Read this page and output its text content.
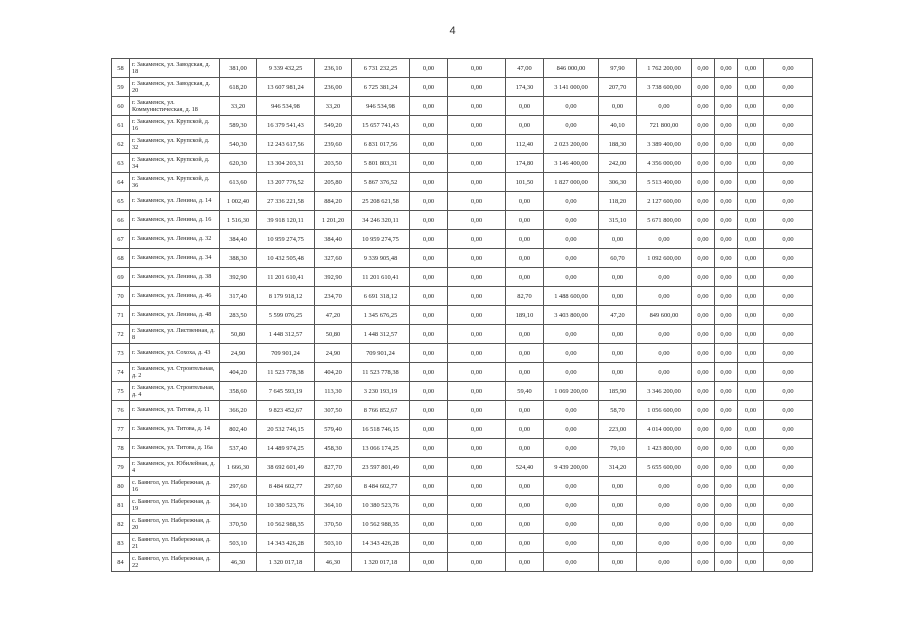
4
58	г. Закаменск, ул. Заводская, д. 18	381,00	9 339 432,25	236,10	6 731 232,25	0,00	0,00	47,00	846 000,00	97,90	1 762 200,00	0,00	0,00	0,00	0,00
59	г. Закаменск, ул. Заводская, д. 20	618,20	13 607 981,24	236,00	6 725 381,24	0,00	0,00	174,30	3 141 000,00	207,70	3 738 600,00	0,00	0,00	0,00	0,00
60	г. Закаменск, ул. Коммунистическая, д. 18	33,20	946 534,98	33,20	946 534,98	0,00	0,00	0,00	0,00	0,00	0,00	0,00	0,00	0,00	0,00
61	г. Закаменск, ул. Крупской, д. 16	589,30	16 379 541,43	549,20	15 657 741,43	0,00	0,00	0,00	0,00	40,10	721 800,00	0,00	0,00	0,00	0,00
62	г. Закаменск, ул. Крупской, д. 32	540,30	12 243 617,56	239,60	6 831 017,56	0,00	0,00	112,40	2 023 200,00	188,30	3 389 400,00	0,00	0,00	0,00	0,00
63	г. Закаменск, ул. Крупской, д. 34	620,30	13 304 203,31	203,50	5 801 803,31	0,00	0,00	174,80	3 146 400,00	242,00	4 356 000,00	0,00	0,00	0,00	0,00
64	г. Закаменск, ул. Крупской, д. 36	613,60	13 207 776,52	205,80	5 867 376,52	0,00	0,00	101,50	1 827 000,00	306,30	5 513 400,00	0,00	0,00	0,00	0,00
65	г. Закаменск, ул. Ленина, д. 14	1 002,40	27 336 221,58	884,20	25 208 621,58	0,00	0,00	0,00	0,00	118,20	2 127 600,00	0,00	0,00	0,00	0,00
66	г. Закаменск, ул. Ленина, д. 16	1 516,30	39 918 120,11	1 201,20	34 246 320,11	0,00	0,00	0,00	0,00	315,10	5 671 800,00	0,00	0,00	0,00	0,00
67	г. Закаменск, ул. Ленина, д. 32	384,40	10 959 274,75	384,40	10 959 274,75	0,00	0,00	0,00	0,00	0,00	0,00	0,00	0,00	0,00	0,00
68	г. Закаменск, ул. Ленина, д. 34	388,30	10 432 505,48	327,60	9 339 905,48	0,00	0,00	0,00	0,00	60,70	1 092 600,00	0,00	0,00	0,00	0,00
69	г. Закаменск, ул. Ленина, д. 38	392,90	11 201 610,41	392,90	11 201 610,41	0,00	0,00	0,00	0,00	0,00	0,00	0,00	0,00	0,00	0,00
70	г. Закаменск, ул. Ленина, д. 46	317,40	8 179 918,12	234,70	6 691 318,12	0,00	0,00	82,70	1 488 600,00	0,00	0,00	0,00	0,00	0,00	0,00
71	г. Закаменск, ул. Ленина, д. 48	283,50	5 599 076,25	47,20	1 345 676,25	0,00	0,00	189,10	3 403 800,00	47,20	849 600,00	0,00	0,00	0,00	0,00
72	г. Закаменск, ул. Лиственная, д. 8	50,80	1 448 312,57	50,80	1 448 312,57	0,00	0,00	0,00	0,00	0,00	0,00	0,00	0,00	0,00	0,00
73	г. Закаменск, ул. Сохоха, д. 43	24,90	709 901,24	24,90	709 901,24	0,00	0,00	0,00	0,00	0,00	0,00	0,00	0,00	0,00	0,00
74	г. Закаменск, ул. Строительная, д. 2	404,20	11 523 778,38	404,20	11 523 778,38	0,00	0,00	0,00	0,00	0,00	0,00	0,00	0,00	0,00	0,00
75	г. Закаменск, ул. Строительная, д. 4	358,60	7 645 593,19	113,30	3 230 193,19	0,00	0,00	59,40	1 069 200,00	185,90	3 346 200,00	0,00	0,00	0,00	0,00
76	г. Закаменск, ул. Титова, д. 11	366,20	9 823 452,67	307,50	8 766 852,67	0,00	0,00	0,00	0,00	58,70	1 056 600,00	0,00	0,00	0,00	0,00
77	г. Закаменск, ул. Титова, д. 14	802,40	20 532 746,15	579,40	16 518 746,15	0,00	0,00	0,00	0,00	223,00	4 014 000,00	0,00	0,00	0,00	0,00
78	г. Закаменск, ул. Титова, д. 16а	537,40	14 489 974,25	458,30	13 066 174,25	0,00	0,00	0,00	0,00	79,10	1 423 800,00	0,00	0,00	0,00	0,00
79	г. Закаменск, ул. Юбилейная, д. 4	1 666,30	38 692 601,49	827,70	23 597 801,49	0,00	0,00	524,40	9 439 200,00	314,20	5 655 600,00	0,00	0,00	0,00	0,00
80	с. Баянгол, ул. Набережная, д. 16	297,60	8 484 602,77	297,60	8 484 602,77	0,00	0,00	0,00	0,00	0,00	0,00	0,00	0,00	0,00	0,00
81	с. Баянгол, ул. Набережная, д. 19	364,10	10 380 523,76	364,10	10 380 523,76	0,00	0,00	0,00	0,00	0,00	0,00	0,00	0,00	0,00	0,00
82	с. Баянгол, ул. Набережная, д. 20	370,50	10 562 988,35	370,50	10 562 988,35	0,00	0,00	0,00	0,00	0,00	0,00	0,00	0,00	0,00	0,00
83	с. Баянгол, ул. Набережная, д. 21	503,10	14 343 426,28	503,10	14 343 426,28	0,00	0,00	0,00	0,00	0,00	0,00	0,00	0,00	0,00	0,00
84	с. Баянгол, ул. Набережная, д. 22	46,30	1 320 017,18	46,30	1 320 017,18	0,00	0,00	0,00	0,00	0,00	0,00	0,00	0,00	0,00	0,00
